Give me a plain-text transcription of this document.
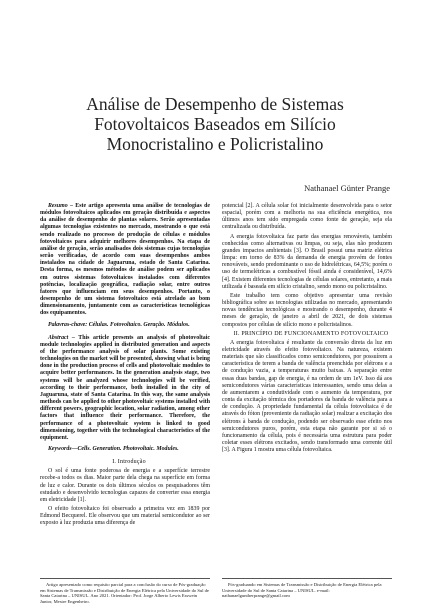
Análise de Desempenho de Sistemas
Fotovoltaicos Baseados em Silício
Monocristalino e Policristalino
Nathanael Günter Prange

Resumo – Este artigo apresenta uma análise de tecnologias de módulos fotovoltaicos aplicados em geração distribuída e aspectos da análise de desempenho de plantas solares. Serão apresentadas algumas tecnologias existentes no mercado, mostrando o que está sendo realizado no processo de produção de células e módulos fotovoltaicos para adquirir melhores desempenhos. Na etapa de análise de geração, serão analisados dois sistemas cujas tecnologias serão verificadas, de acordo com suas desempenhos ambos instalados na cidade de Jaguaruna, estado de Santa Catarina. Desta forma, os mesmos métodos de análise podem ser aplicados em outros sistemas fotovoltaicos instalados com diferentes potências, localização geográfica, radiação solar, entre outros fatores que influenciam em seus desempenhos. Portanto, o desempenho de um sistema fotovoltaico está atrelado ao bom dimensionamento, juntamente com as características tecnológicas dos equipamentos.

Palavras-chave: Células. Fotovoltaico. Geração. Módulos.

Abstract – This article presents an analysis of photovoltaic module technologies applied in distributed generation and aspects of the performance analysis of solar plants. Some existing technologies on the market will be presented, showing what is being done in the production process of cells and photovoltaic modules to acquire better performances. In the generation analysis stage, two systems will be analyzed whose technologies will be verified, according to their performance, both installed in the city of Jaguaruna, state of Santa Catarina. In this way, the same analysis methods can be applied to other photovoltaic systems installed with different powers, geographic location, solar radiation, among other factors that influence their performance. Therefore, the performance of a photovoltaic system is linked to good dimensioning, together with the technological characteristics of the equipment.

Keywords—Cells. Generation. Photovoltaic. Modules.

I. Introdução

O sol é uma fonte poderosa de energia e a superfície terrestre recebe-a todos os dias. Maior parte dela chega na superfície em forma de luz e calor. Durante os dois últimos séculos os pesquisadores têm estudado e desenvolvido tecnologias capazes de converter essa energia em eletricidade [1].

O efeito fotovoltaico foi observado a primeira vez em 1839 por Edmond Becquerel. Ele observou que um material semicondutor ao ser exposto à luz produzia uma diferença de

potencial [2]. A célula solar foi inicialmente desenvolvida para o setor espacial, porém com a melhoria na sua eficiência energética, nos últimos anos tem sido empregada como fonte de geração, seja ela centralizada ou distribuída.

A energia fotovoltaica faz parte das energias renováveis, também conhecidas como alternativas ou limpas, ou seja, elas não produzem grandes impactos ambientais [3]. O Brasil possui uma matriz elétrica limpa: em torno de 83% da demanda de energia provém de fontes renováveis, sendo predominante o uso de hidrelétricas, 64,5%; porém o uso de termelétricas a combustível fóssil ainda é considerável, 14,6% [4]. Existem diferentes tecnologias de células solares, entretanto, a mais utilizada é baseada em silício cristalino, sendo mono ou policristalino.

Este trabalho tem como objetivo apresentar uma revisão bibliográfica sobre as tecnologias utilizadas no mercado, apresentando novas tendências tecnológicas e mostrando o desempenho, durante 4 meses de geração, de janeiro a abril de 2021, de dois sistemas compostos por células de silício mono e policristalinos.

II. PRINCÍPIO DE FUNCIONAMENTO FOTOVOLTAICO

A energia fotovoltaica é resultante da conversão direta da luz em eletricidade através do efeito fotovoltaico. Na natureza, existem materiais que são classificados como semicondutores, por possuírem a característica de terem a banda de valência preenchida por elétrons e a de condução vazia, a temperaturas muito baixas. A separação entre essas duas bandas, gap de energia, é na ordem de um 1eV. Isso dá aos semicondutores várias características interessantes, sendo uma delas a de aumentarem a condutividade com o aumento da temperatura, por conta da excitação térmica dos portadores da banda de valência para a de condução. A propriedade fundamental da célula fotovoltaica é de através do fóton (proveniente da radiação solar) realizar a excitação dos elétrons à banda de condução, podendo ser observado esse efeito nos semicondutores puros, porém, esta etapa não garante por si só o funcionamento da célula, pois é necessária uma estrutura para poder coletar esses elétrons excitados, sendo transformado uma corrente útil [3]. A Figura 1 mostra uma célula fotovoltaica.

Artigo apresentado como requisito parcial para a conclusão do curso de Pós-graduação em Sistemas de Transmissão e Distribuição de Energia Elétrica pela Universidade do Sul de Santa Catarina – UNISUL. Ano 2021. Orientador: Prof. Jorge Alberto Lewis Esswein Junior, Mestre Engenheiro.

Pós-graduando em Sistemas de Transmissão e Distribuição de Energia Elétrica pela Universidade do Sul de Santa Catarina – UNISUL. e-mail: nathanaelguntherprange@gmail.com
